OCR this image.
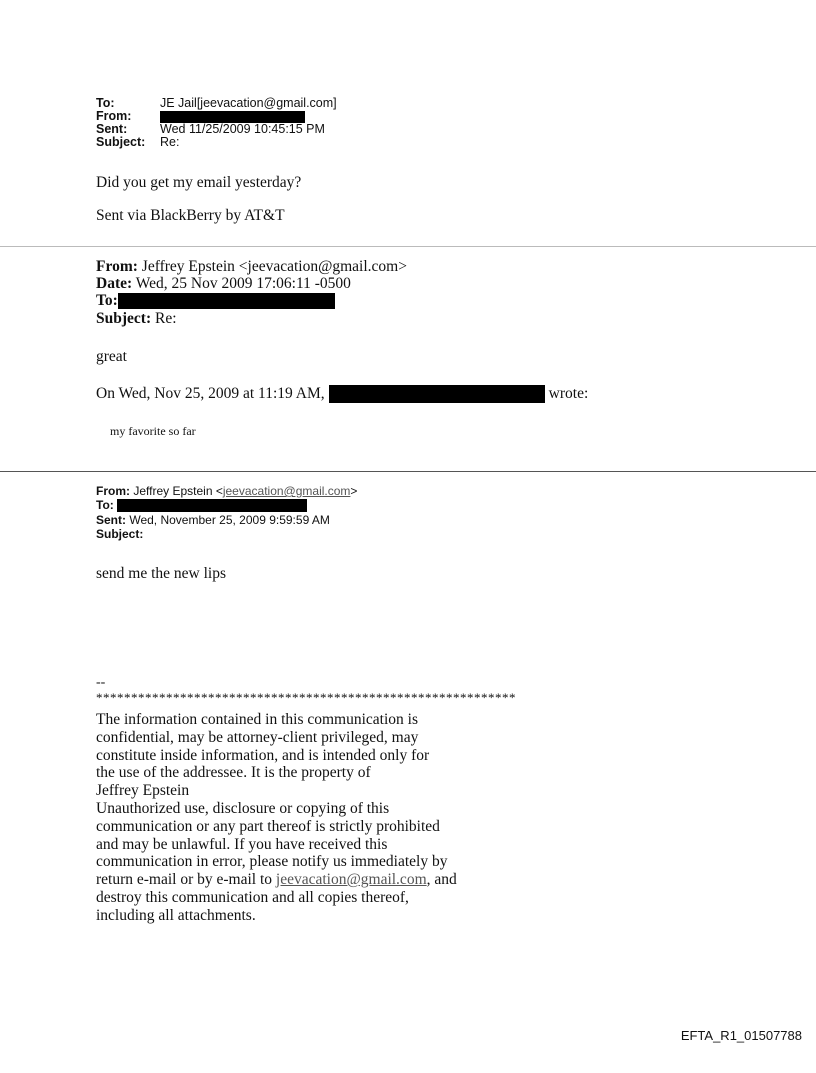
To:	JE Jail[jeevacation@gmail.com]
From:
Sent:	Wed 11/25/2009 10:45:15 PM
Subject: Re:
Did you get my email yesterday?
Sent via BlackBerry by AT&T
From: Jeffrey Epstein <jeevacation@gmail.com>
Date: Wed, 25 Nov 2009 17:06:11 -0500
To:
Subject: Re:
great
On Wed, Nov 25, 2009 at 11:19 AM,	wrote:
my favorite so far
From: Jeffrey Epstein <jeevacation@gmail.com>
To:
Sent: Wed, November 25, 2009 9:59:59 AM
Subject:
send me the new lips
--
************************************************************
The information contained in this communication is
confidential, may be attorney-client privileged, may
constitute inside information, and is intended only for
the use of the addressee. It is the property of
Jeffrey Epstein
Unauthorized use, disclosure or copying of this
communication or any part thereof is strictly prohibited
and may be unlawful. If you have received this
communication in error, please notify us immediately by
return e-mail or by e-mail to jeevacation@gmail.com, and
destroy this communication and all copies thereof,
including all attachments.
EFTA_R1_01507788
